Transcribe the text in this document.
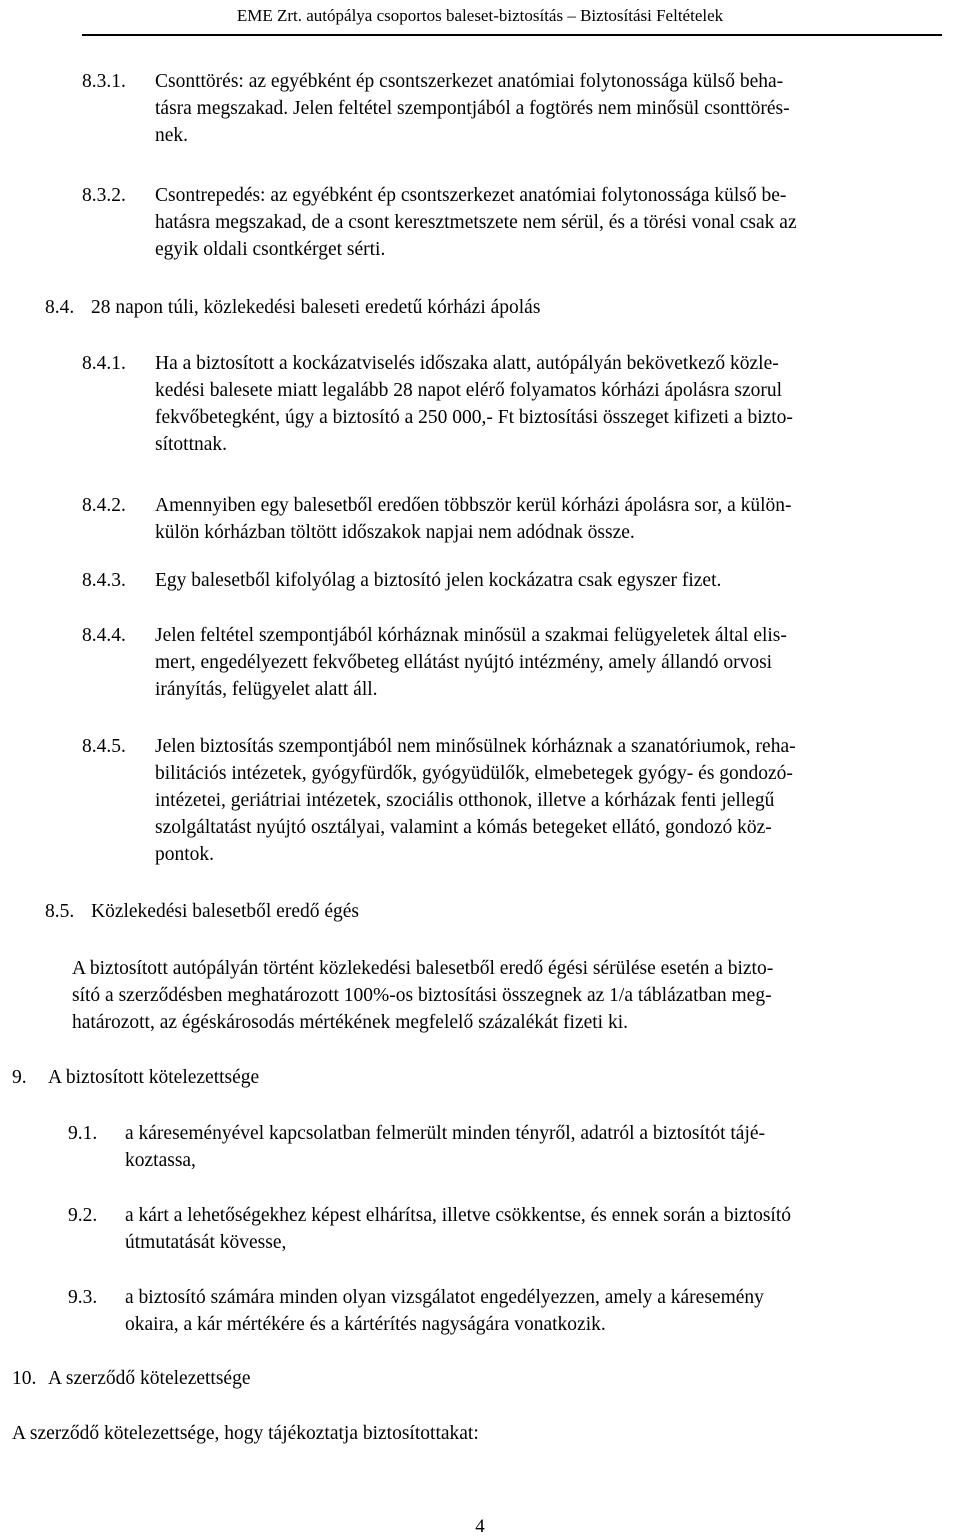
EME Zrt. autópálya csoportos baleset-biztosítás – Biztosítási Feltételek
8.3.1. Csonttörés: az egyébként ép csontszerkezet anatómiai folytonossága külső beha-
tásra megszakad. Jelen feltétel szempontjából a fogtörés nem minősül csonttörés-
nek.
8.3.2. Csontrepedés: az egyébként ép csontszerkezet anatómiai folytonossága külső be-
hatásra megszakad, de a csont keresztmetszete nem sérül, és a törési vonal csak az
egyik oldali csontkérget sérti.
8.4. 28 napon túli, közlekedési baleseti eredetű kórházi ápolás
8.4.1. Ha a biztosított a kockázatviselés időszaka alatt, autópályán bekövetkező közle-
kedési balesete miatt legalább 28 napot elérő folyamatos kórházi ápolásra szorul
fekvőbetegként, úgy a biztosító a 250 000,- Ft biztosítási összeget kifizeti a bizto-
sítottnak.
8.4.2. Amennyiben egy balesetből eredően többször kerül kórházi ápolásra sor, a külön-
külön kórházban töltött időszakok napjai nem adódnak össze.
8.4.3. Egy balesetből kifolyólag a biztosító jelen kockázatra csak egyszer fizet.
8.4.4. Jelen feltétel szempontjából kórháznak minősül a szakmai felügyeletek által elis-
mert, engedélyezett fekvőbeteg ellátást nyújtó intézmény, amely állandó orvosi
irányítás, felügyelet alatt áll.
8.4.5. Jelen biztosítás szempontjából nem minősülnek kórháznak a szanatóriumok, reha-
bilitációs intézetek, gyógyfürdők, gyógyüdülők, elmebetegek gyógy- és gondozó-
intézetei, geriátriai intézetek, szociális otthonok, illetve a kórházak fenti jellegű
szolgáltatást nyújtó osztályai, valamint a kómás betegeket ellátó, gondozó köz-
pontok.
8.5. Közlekedési balesetből eredő égés
A biztosított autópályán történt közlekedési balesetből eredő égési sérülése esetén a bizto-
sító a szerződésben meghatározott 100%-os biztosítási összegnek az 1/a táblázatban meg-
határozott, az égéskárosodás mértékének megfelelő százalékát fizeti ki.
9. A biztosított kötelezettsége
9.1. a káreseményével kapcsolatban felmerült minden tényről, adatról a biztosítót tájé-
koztassa,
9.2. a kárt a lehetőségekhez képest elhárítsa, illetve csökkentse, és ennek során a biztosító
útmutatását kövesse,
9.3. a biztosító számára minden olyan vizsgálatot engedélyezzen, amely a káresemény
okaira, a kár mértékére és a kártérítés nagyságára vonatkozik.
10. A szerződő kötelezettsége
A szerződő kötelezettsége, hogy tájékoztatja biztosítottakat:
4
